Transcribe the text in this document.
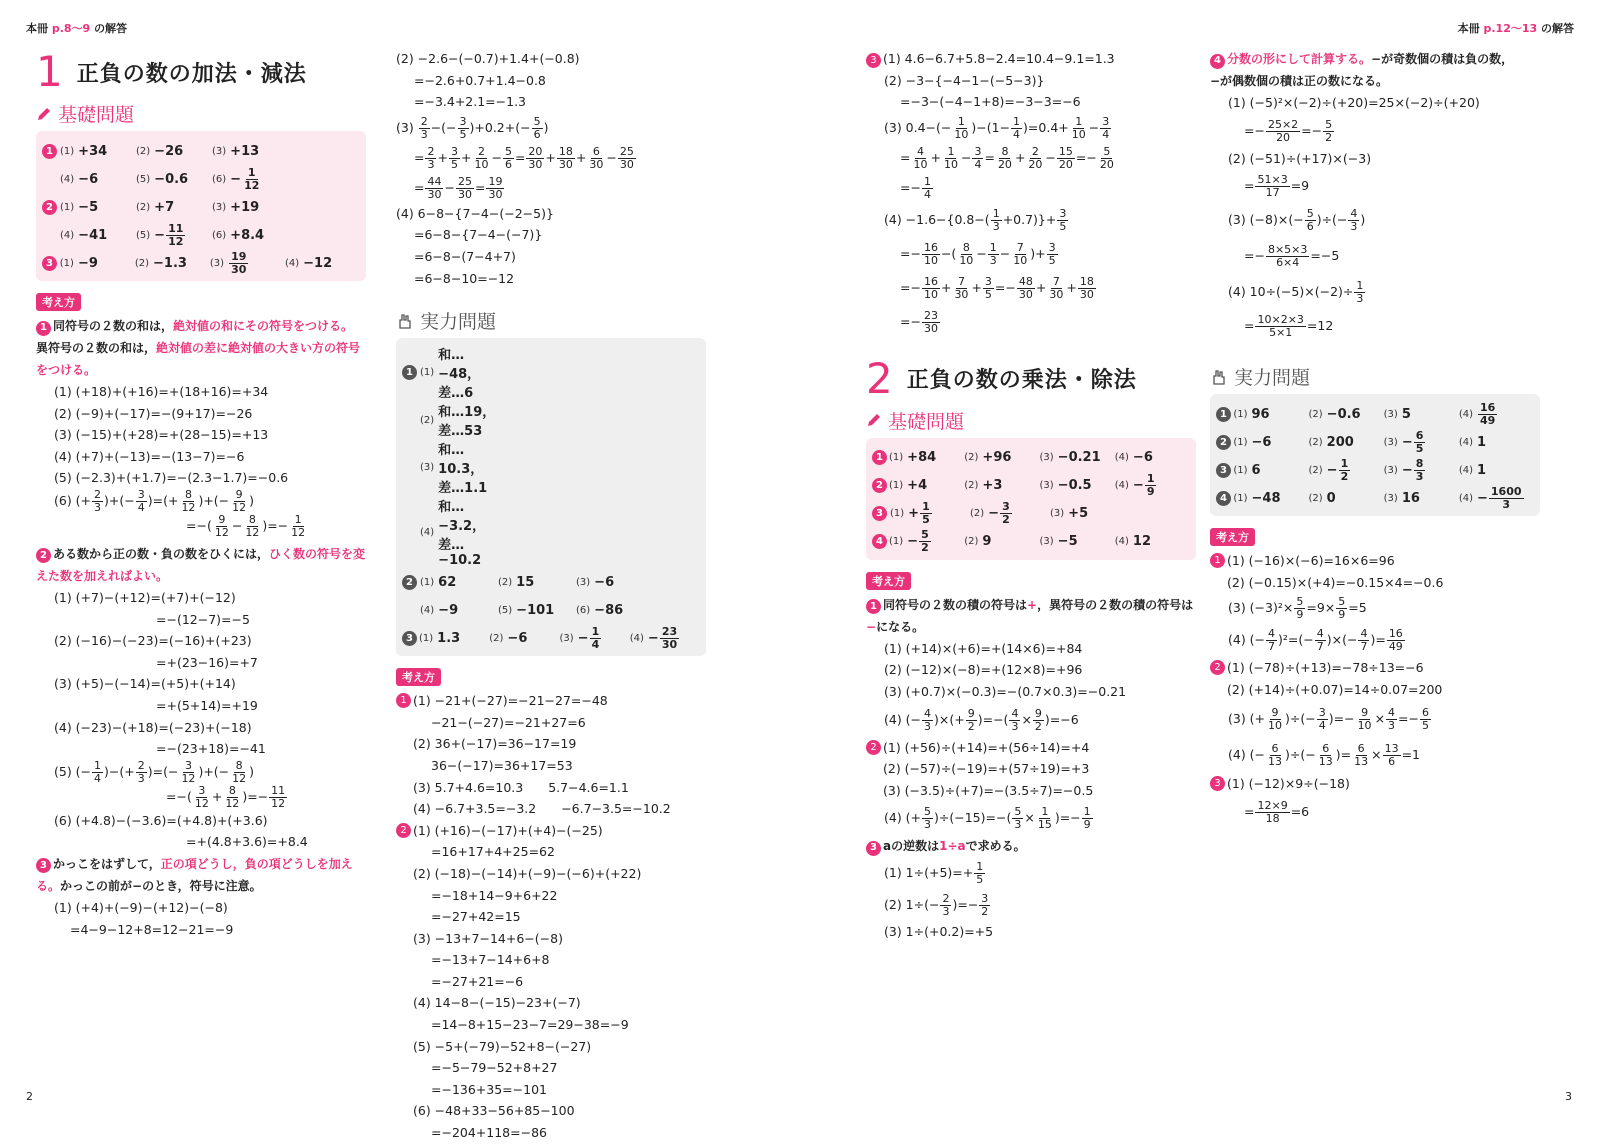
本冊 p.8～9 の解答	本冊 p.12～13 の解答
2	3
1 正負の数の加法・減法
基礎問題
1 (1) +34	(2) −26	(3) +13
(4) −6	(5) −0.6 $(6) - \frac{1}{12}$
2 (1) −5	(2) +7	(3) +19
(4) −41	$(5) - \frac{11}{12}$	(6) +8.4
3 (1) −9	(2) −1.3 $(3) \frac{19}{30}$	(4) −12
考え方
1 同符号の２数の和は，絶対値の和にその符号をつける。
異符号の２数の和は，絶対値の差に絶対値の大きい方の符号をつける。
(1) (+18)+(+16)=+(18+16)=+34
(2) (−9)+(−17)=−(9+17)=−26
(3) (−15)+(+28)=+(28−15)=+13
(4) (+7)+(−13)=−(13−7)=−6
(5) (−2.3)+(+1.7)=−(2.3−1.7)=−0.6
(6) (+ $\frac{2}{3}$ )+(− $\frac{3}{4}$ )=(+ $\frac{8}{12}$ )+(− $\frac{9}{12}$ )
=−( $\frac{9}{12} - \frac{8}{12}$ )=− $\frac{1}{12}$
2 ある数から正の数・負の数をひくには，ひく数の符号を変えた数を加えればよい。
(1) (+7)−(+12)=(+7)+(−12)
=−(12−7)=−5
(2) (−16)−(−23)=(−16)+(+23)
=+(23−16)=+7
(3) (+5)−(−14)=(+5)+(+14)
=+(5+14)=+19
(4) (−23)−(+18)=(−23)+(−18)
=−(23+18)=−41
(5) (− $\frac{1}{4}$ )−(+ $\frac{2}{3}$ )=(− $\frac{3}{12}$ )+(− $\frac{8}{12}$ )
=−( $\frac{3}{12} + \frac{8}{12}$ )=− $\frac{11}{12}$
(6) (+4.8)−(−3.6)=(+4.8)+(+3.6)
=+(4.8+3.6)=+8.4
3 かっこをはずして，正の項どうし，負の項どうしを加える。かっこの前が−のとき，符号に注意。
(1) (+4)+(−9)−(+12)−(−8)
=4−9−12+8=12−21=−9
(2) −2.6−(−0.7)+1.4+(−0.8)
=−2.6+0.7+1.4−0.8
=−3.4+2.1=−1.3
$(3) \frac{2}{3}$ −(− $\frac{3}{5} )+0.2+(- \frac{5}{6}$ )
= $\frac{2}{3} + \frac{3}{5} + \frac{2}{10} - \frac{5}{6} = \frac{20}{30} + \frac{18}{30} + \frac{6}{30} - \frac{25}{30}$
= $\frac{44}{30} - \frac{25}{30} = \frac{19}{30}$
(4) 6−8−{7−4−(−2−5)}
=6−8−{7−4−(−7)}
=6−8−(7−4+7)
=6−8−10=−12
実力問題
1 (1)
和…−48，差…6
(2) 和…19，差…53
(3)
和…10.3，差…1.1
(4)
和…−3.2，差…−10.2
2 (1) 62	(2) 15	(3) −6
(4) −9	(5) −101 (6) −86
3 (1) 1.3	(2) −6	$(3) - \frac{1}{4}$	$(4) - \frac{23}{30}$
考え方
1 (1) −21+(−27)=−21−27=−48
−21−(−27)=−21+27=6
(2) 36+(−17)=36−17=19
36−(−17)=36+17=53
(3) 5.7+4.6=10.3　　5.7−4.6=1.1
(4) −6.7+3.5=−3.2　　−6.7−3.5=−10.2
2 (1) (+16)−(−17)+(+4)−(−25)
=16+17+4+25=62
(2) (−18)−(−14)+(−9)−(−6)+(+22)
=−18+14−9+6+22
=−27+42=15
(3) −13+7−14+6−(−8)
=−13+7−14+6+8
=−27+21=−6
(4) 14−8−(−15)−23+(−7)
=14−8+15−23−7=29−38=−9
(5) −5+(−79)−52+8−(−27)
=−5−79−52+8+27
=−136+35=−101
(6) −48+33−56+85−100
=−204+118=−86
3 (1) 4.6−6.7+5.8−2.4=10.4−9.1=1.3
(2) −3−{−4−1−(−5−3)}
=−3−(−4−1+8)=−3−3=−6
(3) $0.4-(- \frac{1}{10} )-(1- \frac{1}{4} )=0.4+ \frac{1}{10} - \frac{3}{4}$
= $\frac{4}{10} + \frac{1}{10} - \frac{3}{4} = \frac{8}{20} + \frac{2}{20} - \frac{15}{20} =- \frac{5}{20}$
=− $\frac{1}{4}$
$(4) -1.6-\{0.8-( \frac{1}{3} +0.7)\}+ \frac{3}{5}$
=− $\frac{16}{10}$ −( $\frac{8}{10} - \frac{1}{3} - \frac{7}{10}$ )+ $\frac{3}{5}$
=− $\frac{16}{10} + \frac{7}{30} + \frac{3}{5} =- \frac{48}{30} + \frac{7}{30} + \frac{18}{30}$
=− $\frac{23}{30}$
2 正負の数の乗法・除法
基礎問題
1 (1) +84	(2) +96	(3) −0.21 (4) −6
2 (1) +4	(2) +3	(3) −0.5 $(4) - \frac{1}{9}$
3 $(1) + \frac{1}{5}$	$(2) - \frac{3}{2}$	(3) +5
4 $(1) - \frac{5}{2}$	(2) 9	(3) −5	(4) 12
考え方
1 同符号の２数の積の符号は+，異符号の２数の積の符号は−になる。
(1) (+14)×(+6)=+(14×6)=+84
(2) (−12)×(−8)=+(12×8)=+96
(3) (+0.7)×(−0.3)=−(0.7×0.3)=−0.21
(4) (− $\frac{4}{3}$ )×(+ $\frac{9}{2}$ )=−( $\frac{4}{3} \times \frac{9}{2} )=-6$
2 (1) (+56)÷(+14)=+(56÷14)=+4
(2) (−57)÷(−19)=+(57÷19)=+3
(3) (−3.5)÷(+7)=−(3.5÷7)=−0.5
(4) (+ $\frac{5}{3} )\div(-15)=-( \frac{5}{3} \times \frac{1}{15}$ )=− $\frac{1}{9}$
3 aの逆数は1÷aで求める。
(1) $1\div(+5)=+ \frac{1}{5}$
(2) $1\div(- \frac{2}{3}$ )=− $\frac{3}{2}$
(3) 1÷(+0.2)=+5
4 分数の形にして計算する。−が奇数個の積は負の数，
−が偶数個の積は正の数になる。
(1) (−5)²×(−2)÷(+20)=25×(−2)÷(+20)
=− $\frac{25\times 2}{20} =- \frac{5}{2}$
(2) (−51)÷(+17)×(−3)
= $\frac{51\times 3}{17} =9$
(3) $(-8)\times(- \frac{5}{6}$ )÷(− $\frac{4}{3}$ )
=− $\frac{8\times 5\times 3}{6\times 4} =-5$
(4) $10\div(-5)\times(-2)\div \frac{1}{3}$
= $\frac{10\times 2\times 3}{5\times 1} =12$
実力問題
1 (1) 96	(2) −0.6 (3) 5	$(4) \frac{16}{49}$
2 (1) −6	(2) 200	$(3) - \frac{6}{5}$	(4) 1
3 (1) 6	$(2) - \frac{1}{2}$	$(3) - \frac{8}{3}$	(4) 1
4 (1) −48	(2) 0	(3) 16	$(4) - \frac{1600}{3}$
考え方
1 (1) (−16)×(−6)=16×6=96
(2) (−0.15)×(+4)=−0.15×4=−0.6
(3) $(-3)^2\times \frac{5}{9} =9\times \frac{5}{9} =5$
(4) (− $\frac{4}{7} )^2=(- \frac{4}{7}$ )×(− $\frac{4}{7}$ )= $\frac{16}{49}$
2 (1) (−78)÷(+13)=−78÷13=−6
(2) (+14)÷(+0.07)=14÷0.07=200
(3) (+ $\frac{9}{10}$ )÷(− $\frac{3}{4}$ )=− $\frac{9}{10} \times \frac{4}{3} =- \frac{6}{5}$
(4) (− $\frac{6}{13}$ )÷(− $\frac{6}{13}$ )= $\frac{6}{13} \times \frac{13}{6} =1$
3 (1) (−12)×9÷(−18)
= $\frac{12\times 9}{18} =6$
